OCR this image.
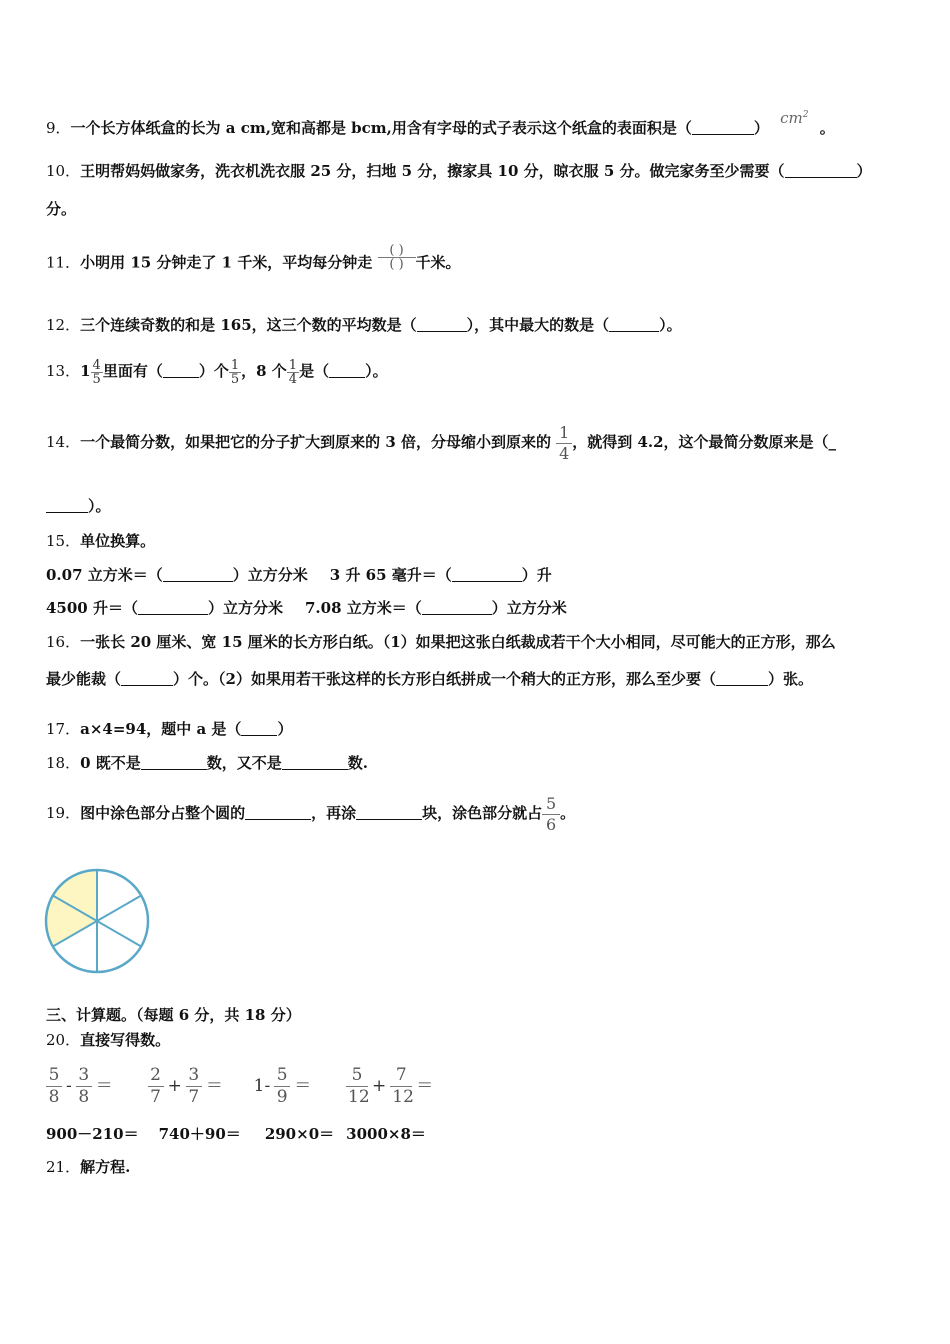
9．一个长方体纸盒的长为 a cm,宽和高都是 bcm,用含有字母的式子表示这个纸盒的表面积是（	） $cm^2$ 。
10．王明帮妈妈做家务，洗衣机洗衣服 25 分，扫地 5 分，擦家具 10 分，晾衣服 5 分。做完家务至少需要（	）
分。
11．小明用 15 分钟走了 1 千米，平均每分钟走 $\frac{( )}{( )}$ 千米。
12．三个连续奇数的和是 165，这三个数的平均数是（	），其中最大的数是（	）。
13．$1 \frac{4}{5}$ 里面有（ ）个 $\frac{1}{5}$ ，8 个 $\frac{1}{4}$ 是（ ）。
14．一个最简分数，如果把它的分子扩大到原来的 3 倍，分母缩小到原来的 $\frac{1}{4}$ ，就得到 4.2，这个最简分数原来是（_
）。
15．单位换算。
0.07 立方米＝（	）立方分米 3 升 65 毫升＝（	）升
4500 升＝（	）立方分米 7.08 立方米＝（	）立方分米
16．一张长 20 厘米、宽 15 厘米的长方形白纸。（1）如果把这张白纸裁成若干个大小相同，尽可能大的正方形，那么
最少能裁（	）个。（2）如果用若干张这样的长方形白纸拼成一个稍大的正方形，那么至少要（	）张。
17．a×4=94，题中 a 是（ ）
18．0 既不是	数，又不是	数.
19．图中涂色部分占整个圆的	，再涂	块，涂色部分就占 $\frac{5}{6}$ 。
三、计算题。（每题 6 分，共 18 分）
20．直接写得数。
$\frac{5}{8} - \frac{3}{8} = \frac{2}{7} + \frac{3}{7} = 1- \frac{5}{9} = \frac{5}{12} + \frac{7}{12}$ ＝
900－210＝ 740＋90＝ 290×0＝ 3000×8＝
21．解方程.
